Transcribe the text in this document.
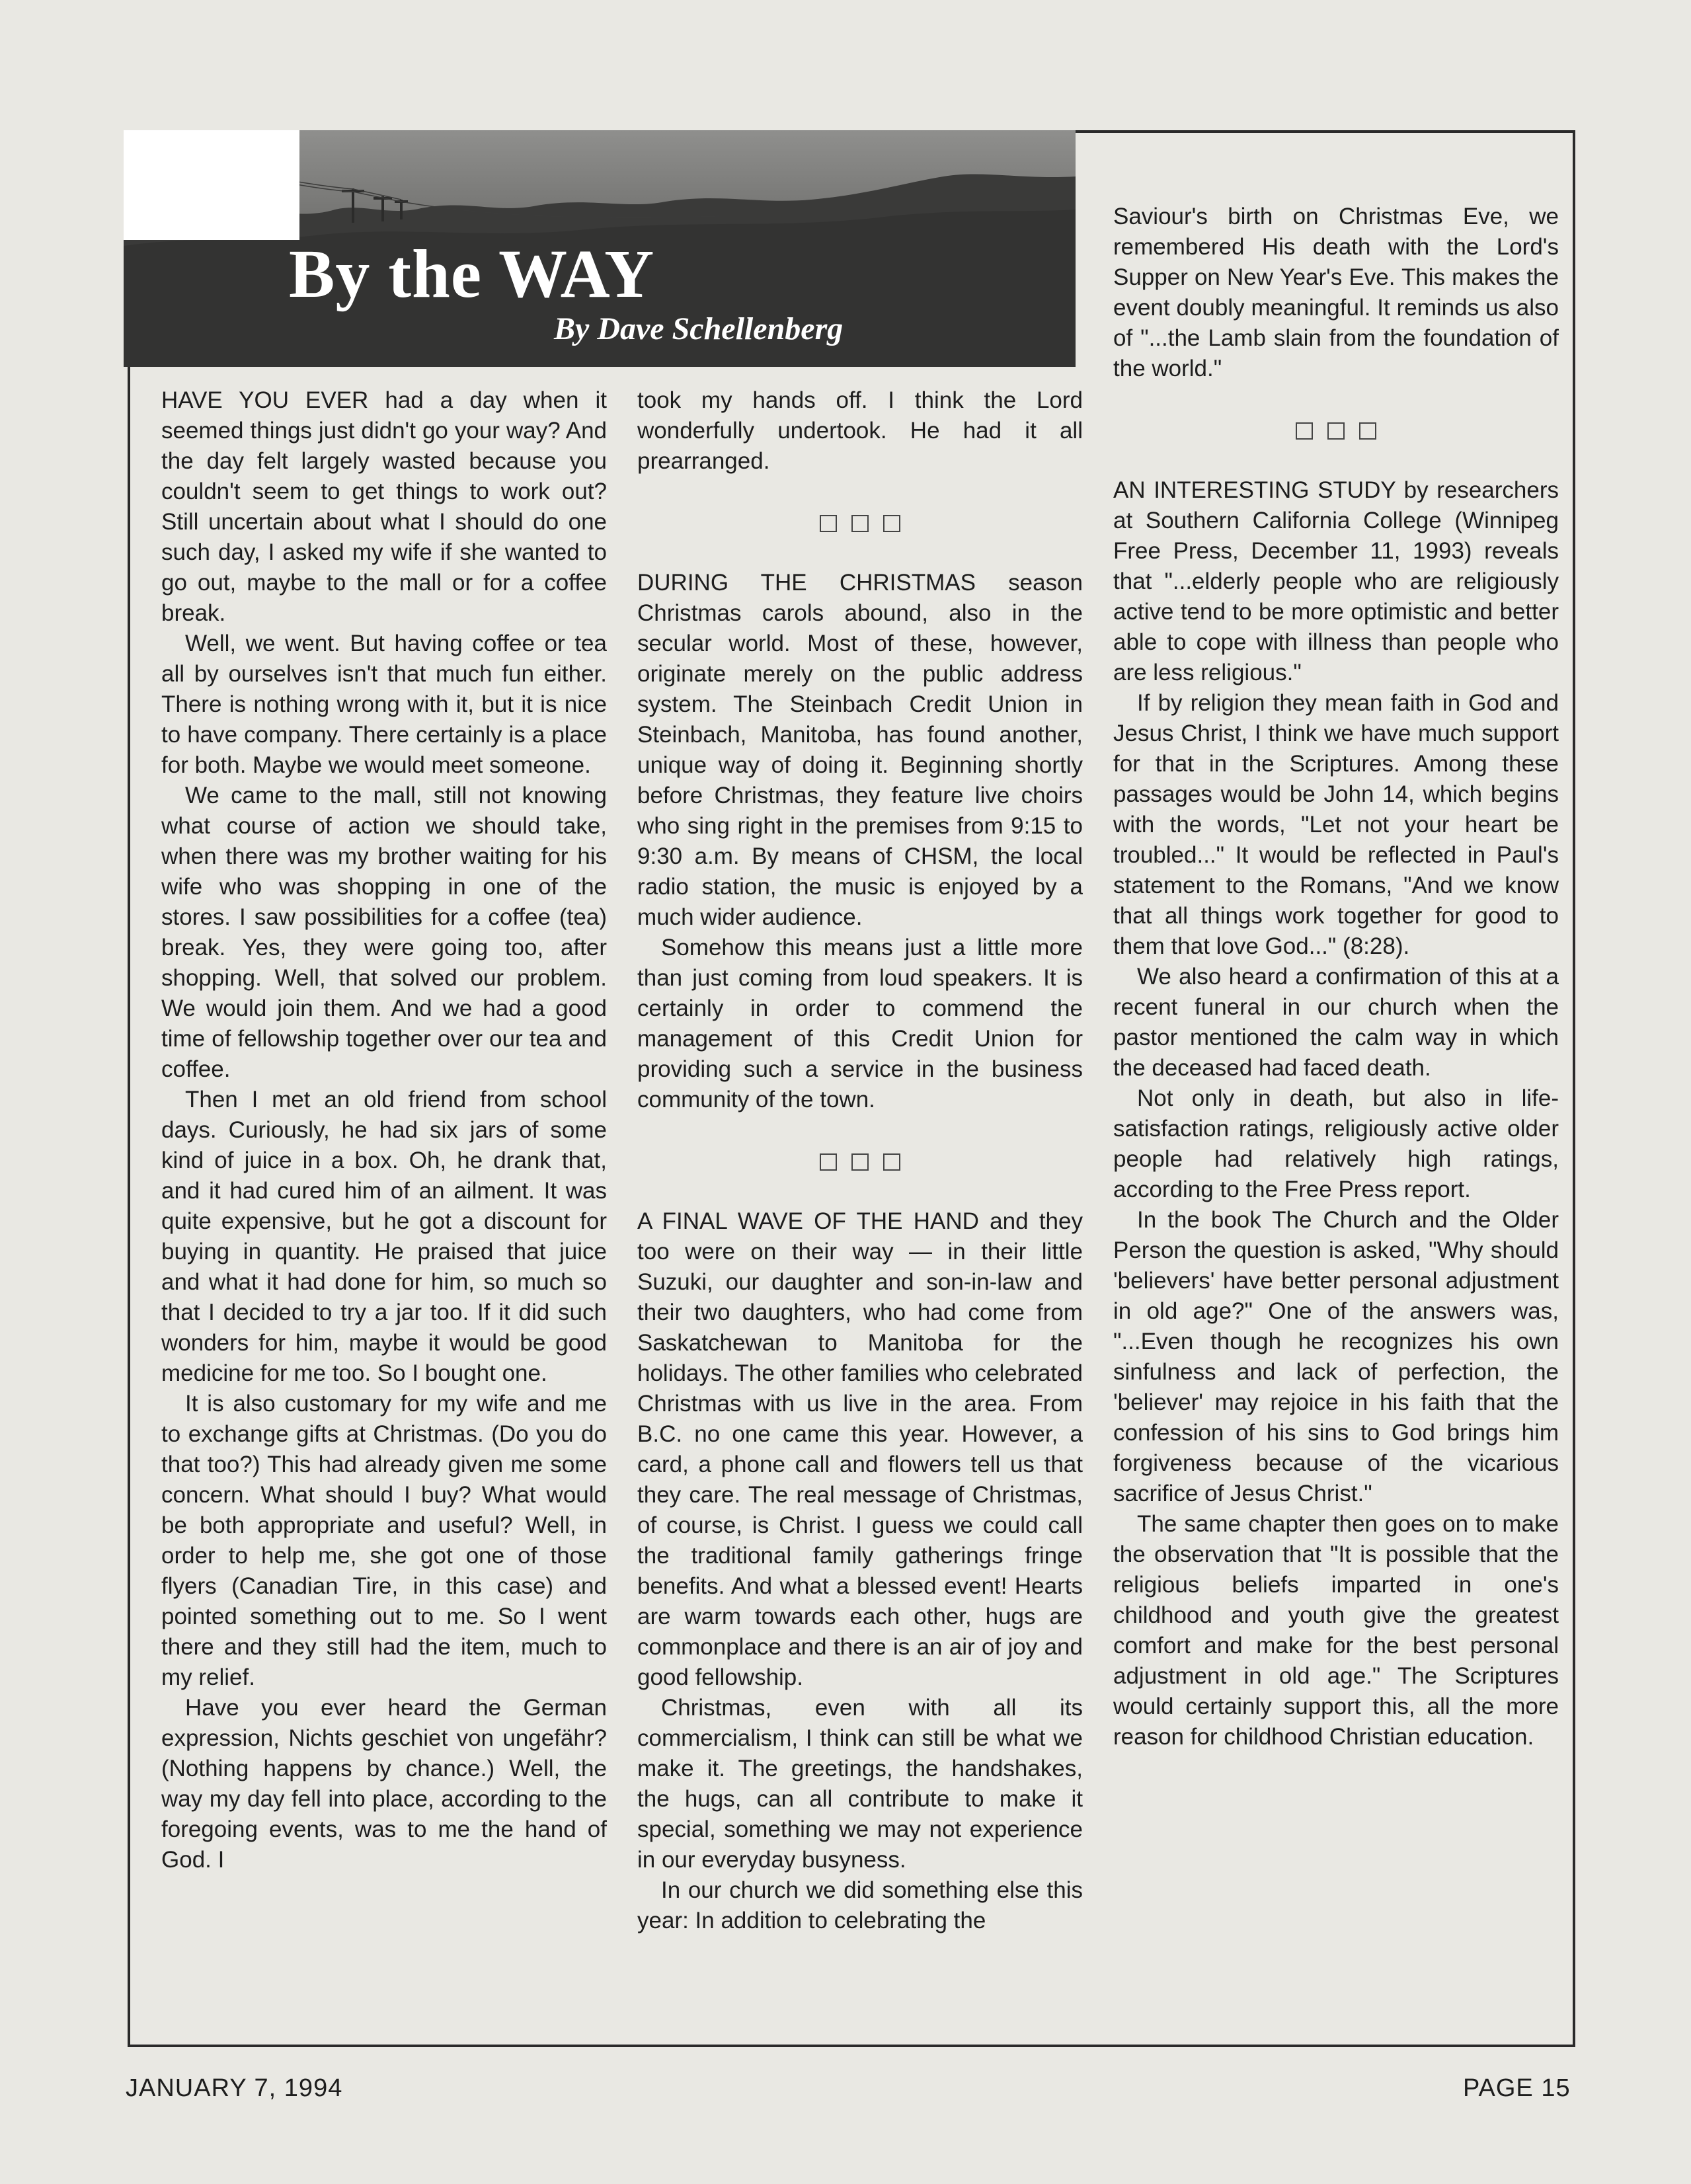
By the WAY
By Dave Schellenberg

HAVE YOU EVER had a day when it seemed things just didn't go your way? And the day felt largely wasted because you couldn't seem to get things to work out? Still uncertain about what I should do one such day, I asked my wife if she wanted to go out, maybe to the mall or for a coffee break.

Well, we went. But having coffee or tea all by ourselves isn't that much fun either. There is nothing wrong with it, but it is nice to have company. There certainly is a place for both. Maybe we would meet someone.

We came to the mall, still not knowing what course of action we should take, when there was my brother waiting for his wife who was shopping in one of the stores. I saw possibilities for a coffee (tea) break. Yes, they were going too, after shopping. Well, that solved our problem. We would join them. And we had a good time of fellowship together over our tea and coffee.

Then I met an old friend from school days. Curiously, he had six jars of some kind of juice in a box. Oh, he drank that, and it had cured him of an ailment. It was quite expensive, but he got a discount for buying in quantity. He praised that juice and what it had done for him, so much so that I decided to try a jar too. If it did such wonders for him, maybe it would be good medicine for me too. So I bought one.

It is also customary for my wife and me to exchange gifts at Christmas. (Do you do that too?) This had already given me some concern. What should I buy? What would be both appropriate and useful? Well, in order to help me, she got one of those flyers (Canadian Tire, in this case) and pointed something out to me. So I went there and they still had the item, much to my relief.

Have you ever heard the German expression, Nichts geschiet von ungefähr? (Nothing happens by chance.) Well, the way my day fell into place, according to the foregoing events, was to me the hand of God. I

took my hands off. I think the Lord wonderfully undertook. He had it all prearranged.

DURING THE CHRISTMAS season Christmas carols abound, also in the secular world. Most of these, however, originate merely on the public address system. The Steinbach Credit Union in Steinbach, Manitoba, has found another, unique way of doing it. Beginning shortly before Christmas, they feature live choirs who sing right in the premises from 9:15 to 9:30 a.m. By means of CHSM, the local radio station, the music is enjoyed by a much wider audience.

Somehow this means just a little more than just coming from loud speakers. It is certainly in order to commend the management of this Credit Union for providing such a service in the business community of the town.

A FINAL WAVE OF THE HAND and they too were on their way — in their little Suzuki, our daughter and son-in-law and their two daughters, who had come from Saskatchewan to Manitoba for the holidays. The other families who celebrated Christmas with us live in the area. From B.C. no one came this year. However, a card, a phone call and flowers tell us that they care. The real message of Christmas, of course, is Christ. I guess we could call the traditional family gatherings fringe benefits. And what a blessed event! Hearts are warm towards each other, hugs are commonplace and there is an air of joy and good fellowship.

Christmas, even with all its commercialism, I think can still be what we make it. The greetings, the handshakes, the hugs, can all contribute to make it special, something we may not experience in our everyday busyness.

In our church we did something else this year: In addition to celebrating the

Saviour's birth on Christmas Eve, we remembered His death with the Lord's Supper on New Year's Eve. This makes the event doubly meaningful. It reminds us also of "...the Lamb slain from the foundation of the world."

AN INTERESTING STUDY by researchers at Southern California College (Winnipeg Free Press, December 11, 1993) reveals that "...elderly people who are religiously active tend to be more optimistic and better able to cope with illness than people who are less religious."

If by religion they mean faith in God and Jesus Christ, I think we have much support for that in the Scriptures. Among these passages would be John 14, which begins with the words, "Let not your heart be troubled..." It would be reflected in Paul's statement to the Romans, "And we know that all things work together for good to them that love God..." (8:28).

We also heard a confirmation of this at a recent funeral in our church when the pastor mentioned the calm way in which the deceased had faced death.

Not only in death, but also in life-satisfaction ratings, religiously active older people had relatively high ratings, according to the Free Press report.

In the book The Church and the Older Person the question is asked, "Why should 'believers' have better personal adjustment in old age?" One of the answers was, "...Even though he recognizes his own sinfulness and lack of perfection, the 'believer' may rejoice in his faith that the confession of his sins to God brings him forgiveness because of the vicarious sacrifice of Jesus Christ."

The same chapter then goes on to make the observation that "It is possible that the religious beliefs imparted in one's childhood and youth give the greatest comfort and make for the best personal adjustment in old age." The Scriptures would certainly support this, all the more reason for childhood Christian education.

JANUARY 7, 1994	PAGE 15
